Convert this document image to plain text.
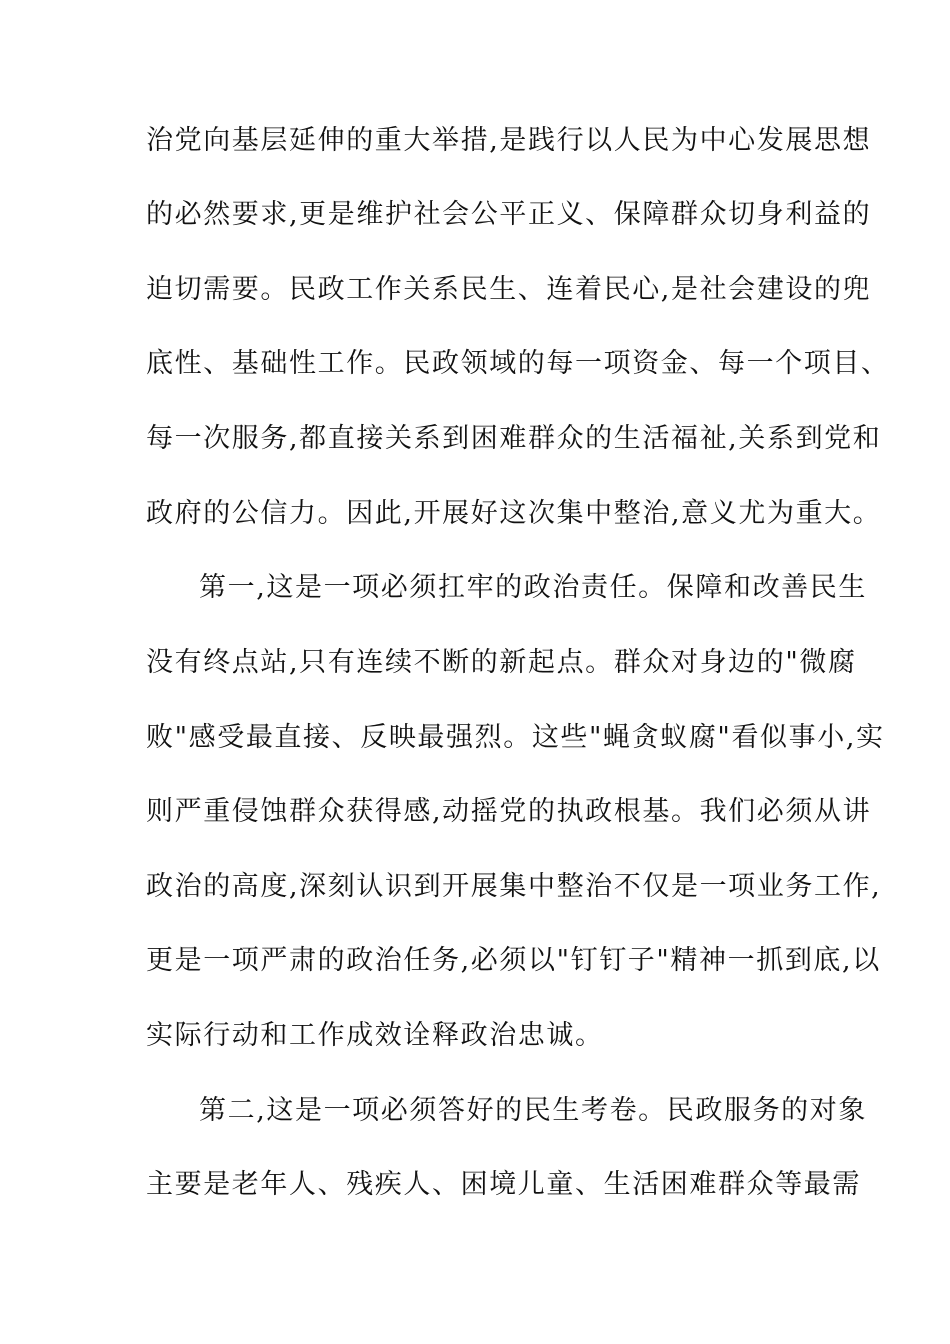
治党向基层延伸的重大举措,是践行以人民为中心发展思想
的必然要求,更是维护社会公平正义、保障群众切身利益的
迫切需要。民政工作关系民生、连着民心,是社会建设的兜
底性、基础性工作。民政领域的每一项资金、每一个项目、
每一次服务,都直接关系到困难群众的生活福祉,关系到党和
政府的公信力。因此,开展好这次集中整治,意义尤为重大。
第一,这是一项必须扛牢的政治责任。保障和改善民生
没有终点站,只有连续不断的新起点。群众对身边的"微腐
败"感受最直接、反映最强烈。这些"蝇贪蚁腐"看似事小,实
则严重侵蚀群众获得感,动摇党的执政根基。我们必须从讲
政治的高度,深刻认识到开展集中整治不仅是一项业务工作,
更是一项严肃的政治任务,必须以"钉钉子"精神一抓到底,以
实际行动和工作成效诠释政治忠诚。
第二,这是一项必须答好的民生考卷。民政服务的对象
主要是老年人、残疾人、困境儿童、生活困难群众等最需
